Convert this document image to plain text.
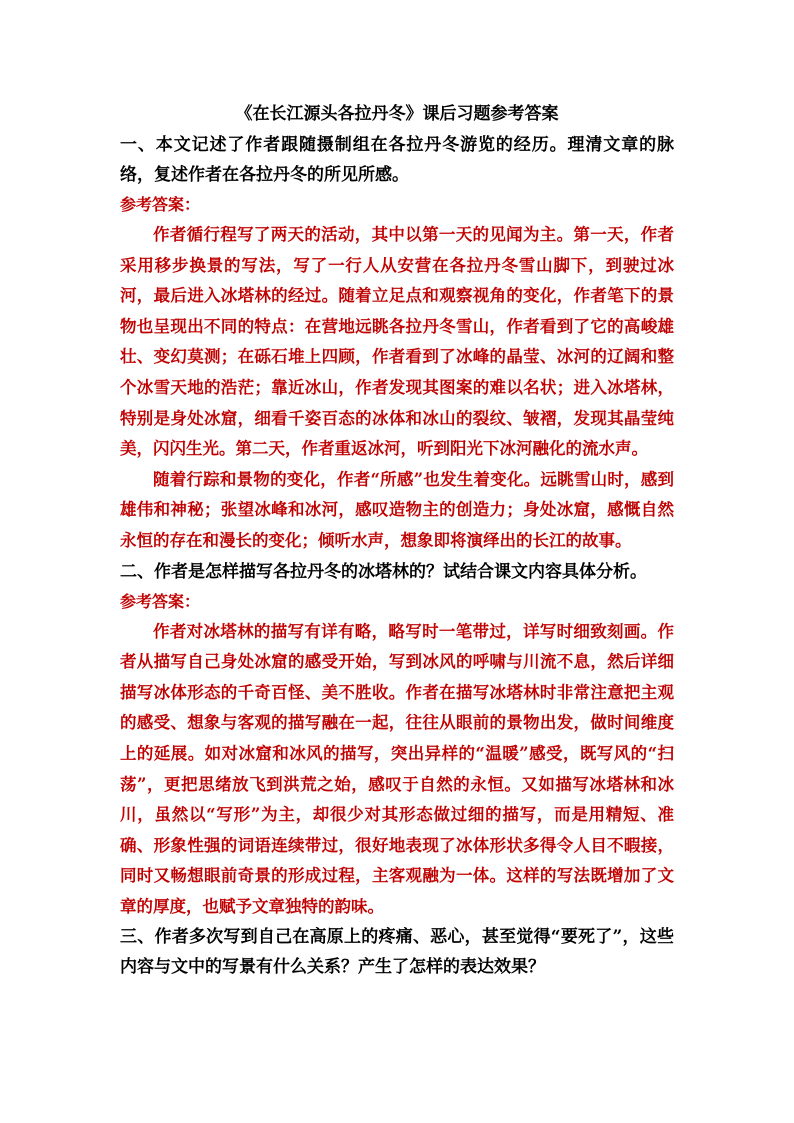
《在长江源头各拉丹冬》课后习题参考答案

一、本文记述了作者跟随摄制组在各拉丹冬游览的经历。理清文章的脉络，复述作者在各拉丹冬的所见所感。

参考答案：

作者循行程写了两天的活动，其中以第一天的见闻为主。第一天，作者采用移步换景的写法，写了一行人从安营在各拉丹冬雪山脚下，到驶过冰河，最后进入冰塔林的经过。随着立足点和观察视角的变化，作者笔下的景物也呈现出不同的特点：在营地远眺各拉丹冬雪山，作者看到了它的高峻雄壮、变幻莫测；在砾石堆上四顾，作者看到了冰峰的晶莹、冰河的辽阔和整个冰雪天地的浩茫；靠近冰山，作者发现其图案的难以名状；进入冰塔林，特别是身处冰窟，细看千姿百态的冰体和冰山的裂纹、皱褶，发现其晶莹纯美，闪闪生光。第二天，作者重返冰河，听到阳光下冰河融化的流水声。

随着行踪和景物的变化，作者“所感”也发生着变化。远眺雪山时，感到雄伟和神秘；张望冰峰和冰河，感叹造物主的创造力；身处冰窟，感慨自然永恒的存在和漫长的变化；倾听水声，想象即将演绎出的长江的故事。

二、作者是怎样描写各拉丹冬的冰塔林的？试结合课文内容具体分析。

参考答案：

作者对冰塔林的描写有详有略，略写时一笔带过，详写时细致刻画。作者从描写自己身处冰窟的感受开始，写到冰风的呼啸与川流不息，然后详细描写冰体形态的千奇百怪、美不胜收。作者在描写冰塔林时非常注意把主观的感受、想象与客观的描写融在一起，往往从眼前的景物出发，做时间维度上的延展。如对冰窟和冰风的描写，突出异样的“温暖”感受，既写风的“扫荡”，更把思绪放飞到洪荒之始，感叹于自然的永恒。又如描写冰塔林和冰川，虽然以“写形”为主，却很少对其形态做过细的描写，而是用精短、准确、形象性强的词语连续带过，很好地表现了冰体形状多得令人目不暇接，同时又畅想眼前奇景的形成过程，主客观融为一体。这样的写法既增加了文章的厚度，也赋予文章独特的韵味。

三、作者多次写到自己在高原上的疼痛、恶心，甚至觉得“要死了”，这些内容与文中的写景有什么关系？产生了怎样的表达效果？
